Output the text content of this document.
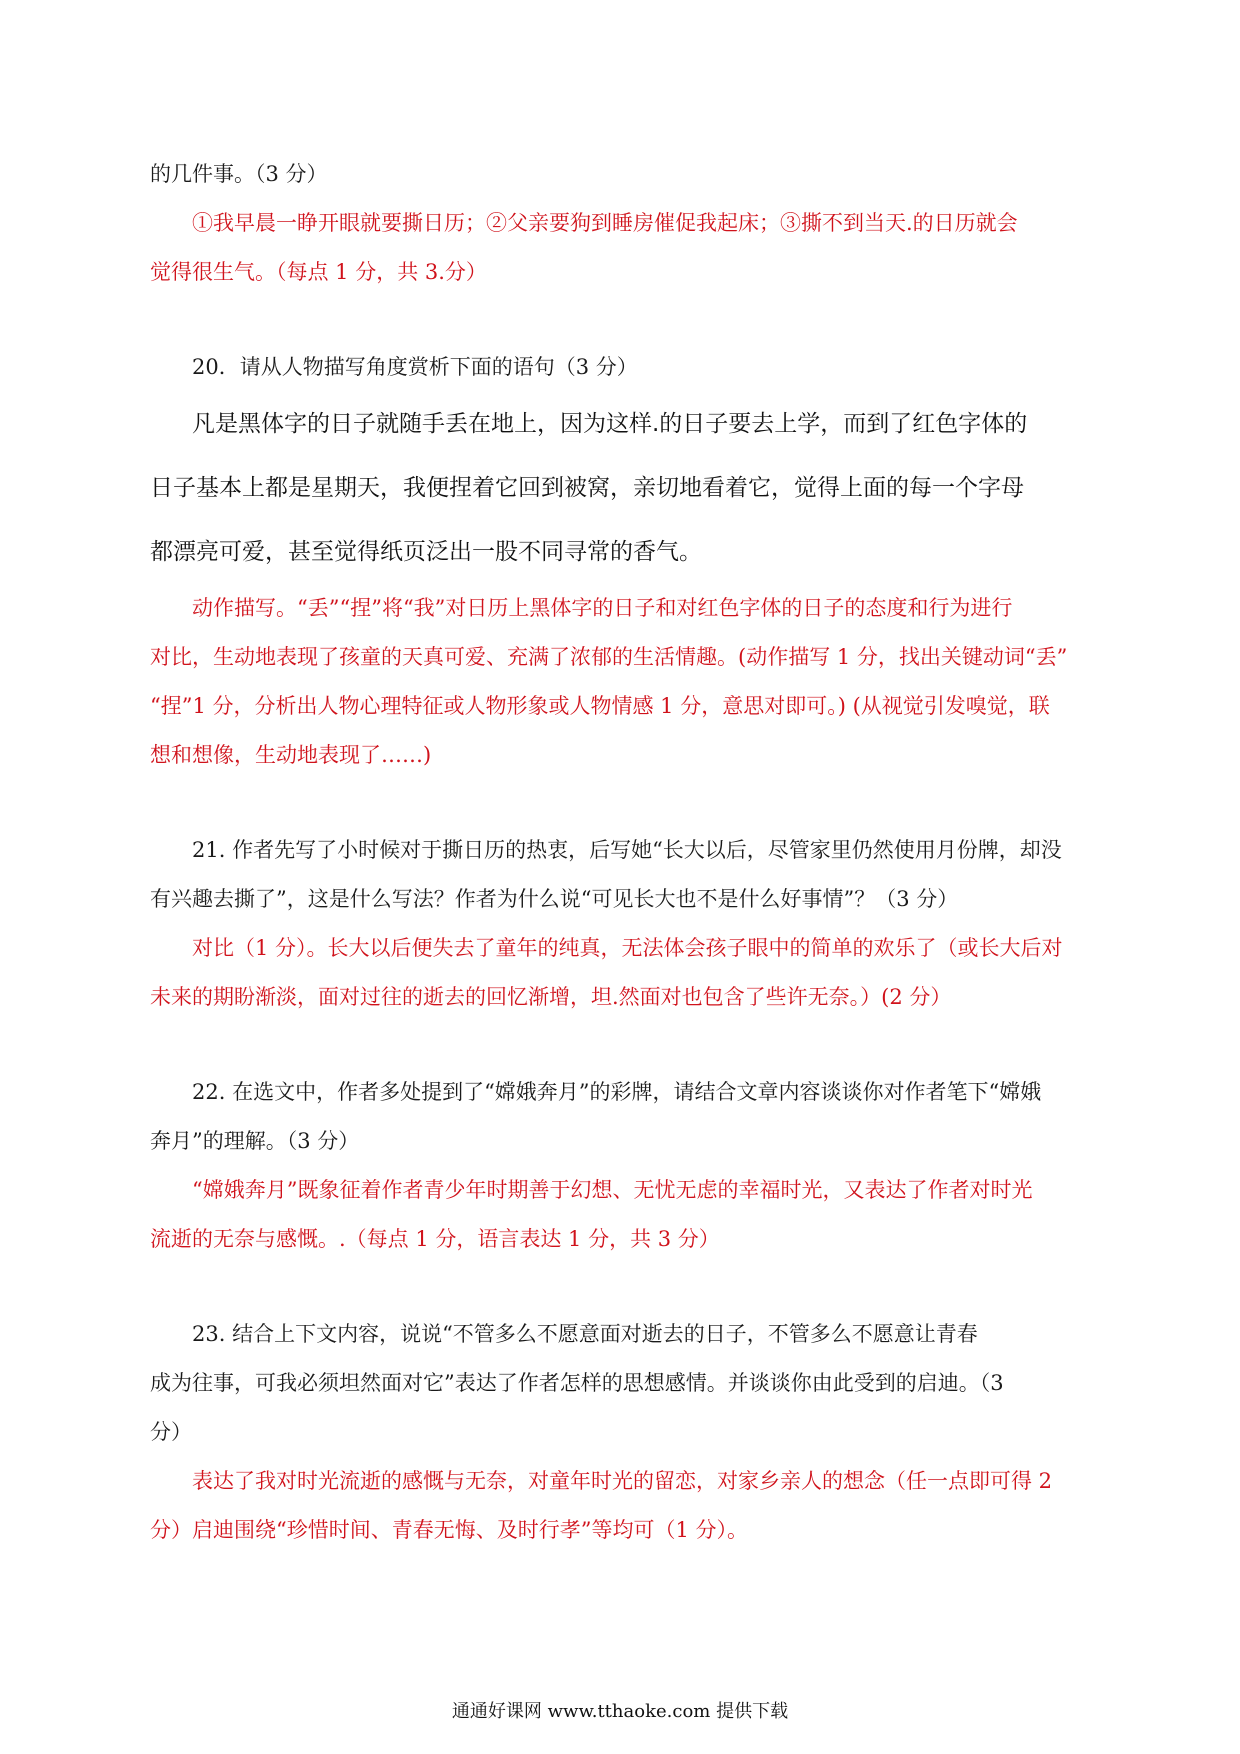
的几件事。（3 分）
①我早晨一睁开眼就要撕日历；②父亲要狗到睡房催促我起床；③撕不到当天.的日历就会
觉得很生气。（每点 1 分，共 3.分）
20．请从人物描写角度赏析下面的语句（3 分）
凡是黑体字的日子就随手丢在地上，因为这样.的日子要去上学，而到了红色字体的
日子基本上都是星期天，我便捏着它回到被窝，亲切地看着它，觉得上面的每一个字母
都漂亮可爱，甚至觉得纸页泛出一股不同寻常的香气。
动作描写。“丢”“捏”将“我”对日历上黑体字的日子和对红色字体的日子的态度和行为进行
对比，生动地表现了孩童的天真可爱、充满了浓郁的生活情趣。(动作描写 1 分，找出关键动词“丢”
“捏”1 分，分析出人物心理特征或人物形象或人物情感 1 分，意思对即可。) (从视觉引发嗅觉，联
想和想像，生动地表现了……)
21. 作者先写了小时候对于撕日历的热衷，后写她“长大以后，尽管家里仍然使用月份牌，却没
有兴趣去撕了”，这是什么写法？作者为什么说“可见长大也不是什么好事情”？（3 分）
对比（1 分）。长大以后便失去了童年的纯真，无法体会孩子眼中的简单的欢乐了（或长大后对
未来的期盼渐淡，面对过往的逝去的回忆渐增，坦.然面对也包含了些许无奈。）(2 分）
22. 在选文中，作者多处提到了“嫦娥奔月”的彩牌，请结合文章内容谈谈你对作者笔下“嫦娥
奔月”的理解。（3 分）
“嫦娥奔月”既象征着作者青少年时期善于幻想、无忧无虑的幸福时光，又表达了作者对时光
流逝的无奈与感慨。.（每点 1 分，语言表达 1 分，共 3 分）
23. 结合上下文内容，说说“不管多么不愿意面对逝去的日子，不管多么不愿意让青春
成为往事，可我必须坦然面对它”表达了作者怎样的思想感情。并谈谈你由此受到的启迪。（3
分）
表达了我对时光流逝的感慨与无奈，对童年时光的留恋，对家乡亲人的想念（任一点即可得 2
分）启迪围绕“珍惜时间、青春无悔、及时行孝”等均可（1 分）。
通通好课网 www.tthaoke.com 提供下载
